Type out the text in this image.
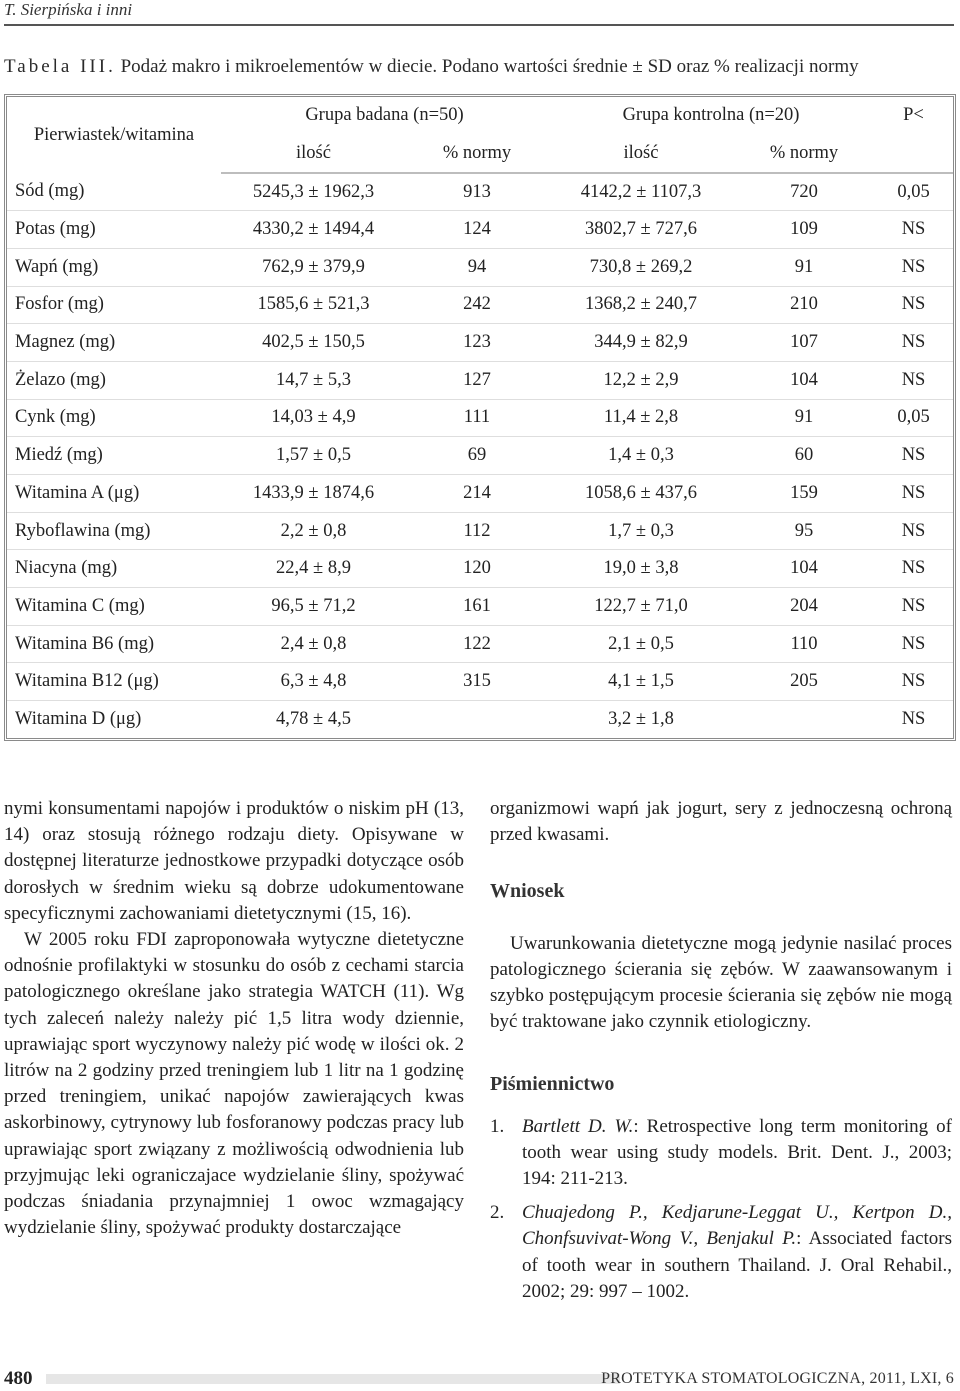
T. Sierpińska i inni
Tabela III. Podaż makro i mikroelementów w diecie. Podano wartości średnie ± SD oraz % realizacji normy
Pierwiastek/witamina	Grupa badana (n=50)		Grupa kontrolna (n=20)		P<
	ilość	% normy	ilość	% normy	
Sód (mg)	5245,3 ± 1962,3	913	4142,2 ± 1107,3	720	0,05
Potas (mg)	4330,2 ± 1494,4	124	3802,7 ± 727,6	109	NS
Wapń (mg)	762,9 ± 379,9	94	730,8 ± 269,2	91	NS
Fosfor (mg)	1585,6 ± 521,3	242	1368,2 ± 240,7	210	NS
Magnez (mg)	402,5 ± 150,5	123	344,9 ± 82,9	107	NS
Żelazo (mg)	14,7 ± 5,3	127	12,2 ± 2,9	104	NS
Cynk (mg)	14,03 ± 4,9	111	11,4 ± 2,8	91	0,05
Miedź (mg)	1,57 ± 0,5	69	1,4 ± 0,3	60	NS
Witamina A (μg)	1433,9 ± 1874,6	214	1058,6 ± 437,6	159	NS
Ryboflawina (mg)	2,2 ± 0,8	112	1,7 ± 0,3	95	NS
Niacyna (mg)	22,4 ± 8,9	120	19,0 ± 3,8	104	NS
Witamina C (mg)	96,5 ± 71,2	161	122,7 ± 71,0	204	NS
Witamina B6 (mg)	2,4 ± 0,8	122	2,1 ± 0,5	110	NS
Witamina B12 (μg)	6,3 ± 4,8	315	4,1 ± 1,5	205	NS
Witamina D (μg)	4,78 ± 4,5		3,2 ± 1,8		NS

nymi konsumentami napojów i produktów o niskim pH (13, 14) oraz stosują różnego rodzaju diety. Opisywane w dostępnej literaturze jednostkowe przypadki dotyczące osób dorosłych w średnim wieku są dobrze udokumentowane specyficznymi zachowaniami dietetycznymi (15, 16).

W 2005 roku FDI zaproponowała wytyczne dietetyczne odnośnie profilaktyki w stosunku do osób z cechami starcia patologicznego określane jako strategia WATCH (11). Wg tych zaleceń należy należy pić 1,5 litra wody dziennie, uprawiając sport wyczynowy należy pić wodę w ilości ok. 2 litrów na 2 godziny przed treningiem lub 1 litr na 1 godzinę przed treningiem, unikać napojów zawierających kwas askorbinowy, cytrynowy lub fosforanowy podczas pracy lub uprawiając sport związany z możliwością odwodnienia lub przyjmując leki ograniczajace wydzielanie śliny, spożywać podczas śniadania przynajmniej 1 owoc wzmagający wydzielanie śliny, spożywać produkty dostarczające

organizmowi wapń jak jogurt, sery z jednoczesną ochroną przed kwasami.

Wniosek

Uwarunkowania dietetyczne mogą jedynie nasilać proces patologicznego ścierania się zębów. W zaawansowanym i szybko postępującym procesie ścierania się zębów nie mogą być traktowane jako czynnik etiologiczny.

Piśmiennictwo
1. Bartlett D. W.: Retrospective long term monitoring of tooth wear using study models. Brit. Dent. J., 2003; 194: 211-213.
2. Chuajedong P., Kedjarune-Leggat U., Kertpon D., Chonfsuvivat-Wong V., Benjakul P.: Associated factors of tooth wear in southern Thailand. J. Oral Rehabil., 2002; 29: 997 – 1002.
480	PROTETYKA STOMATOLOGICZNA, 2011, LXI, 6
